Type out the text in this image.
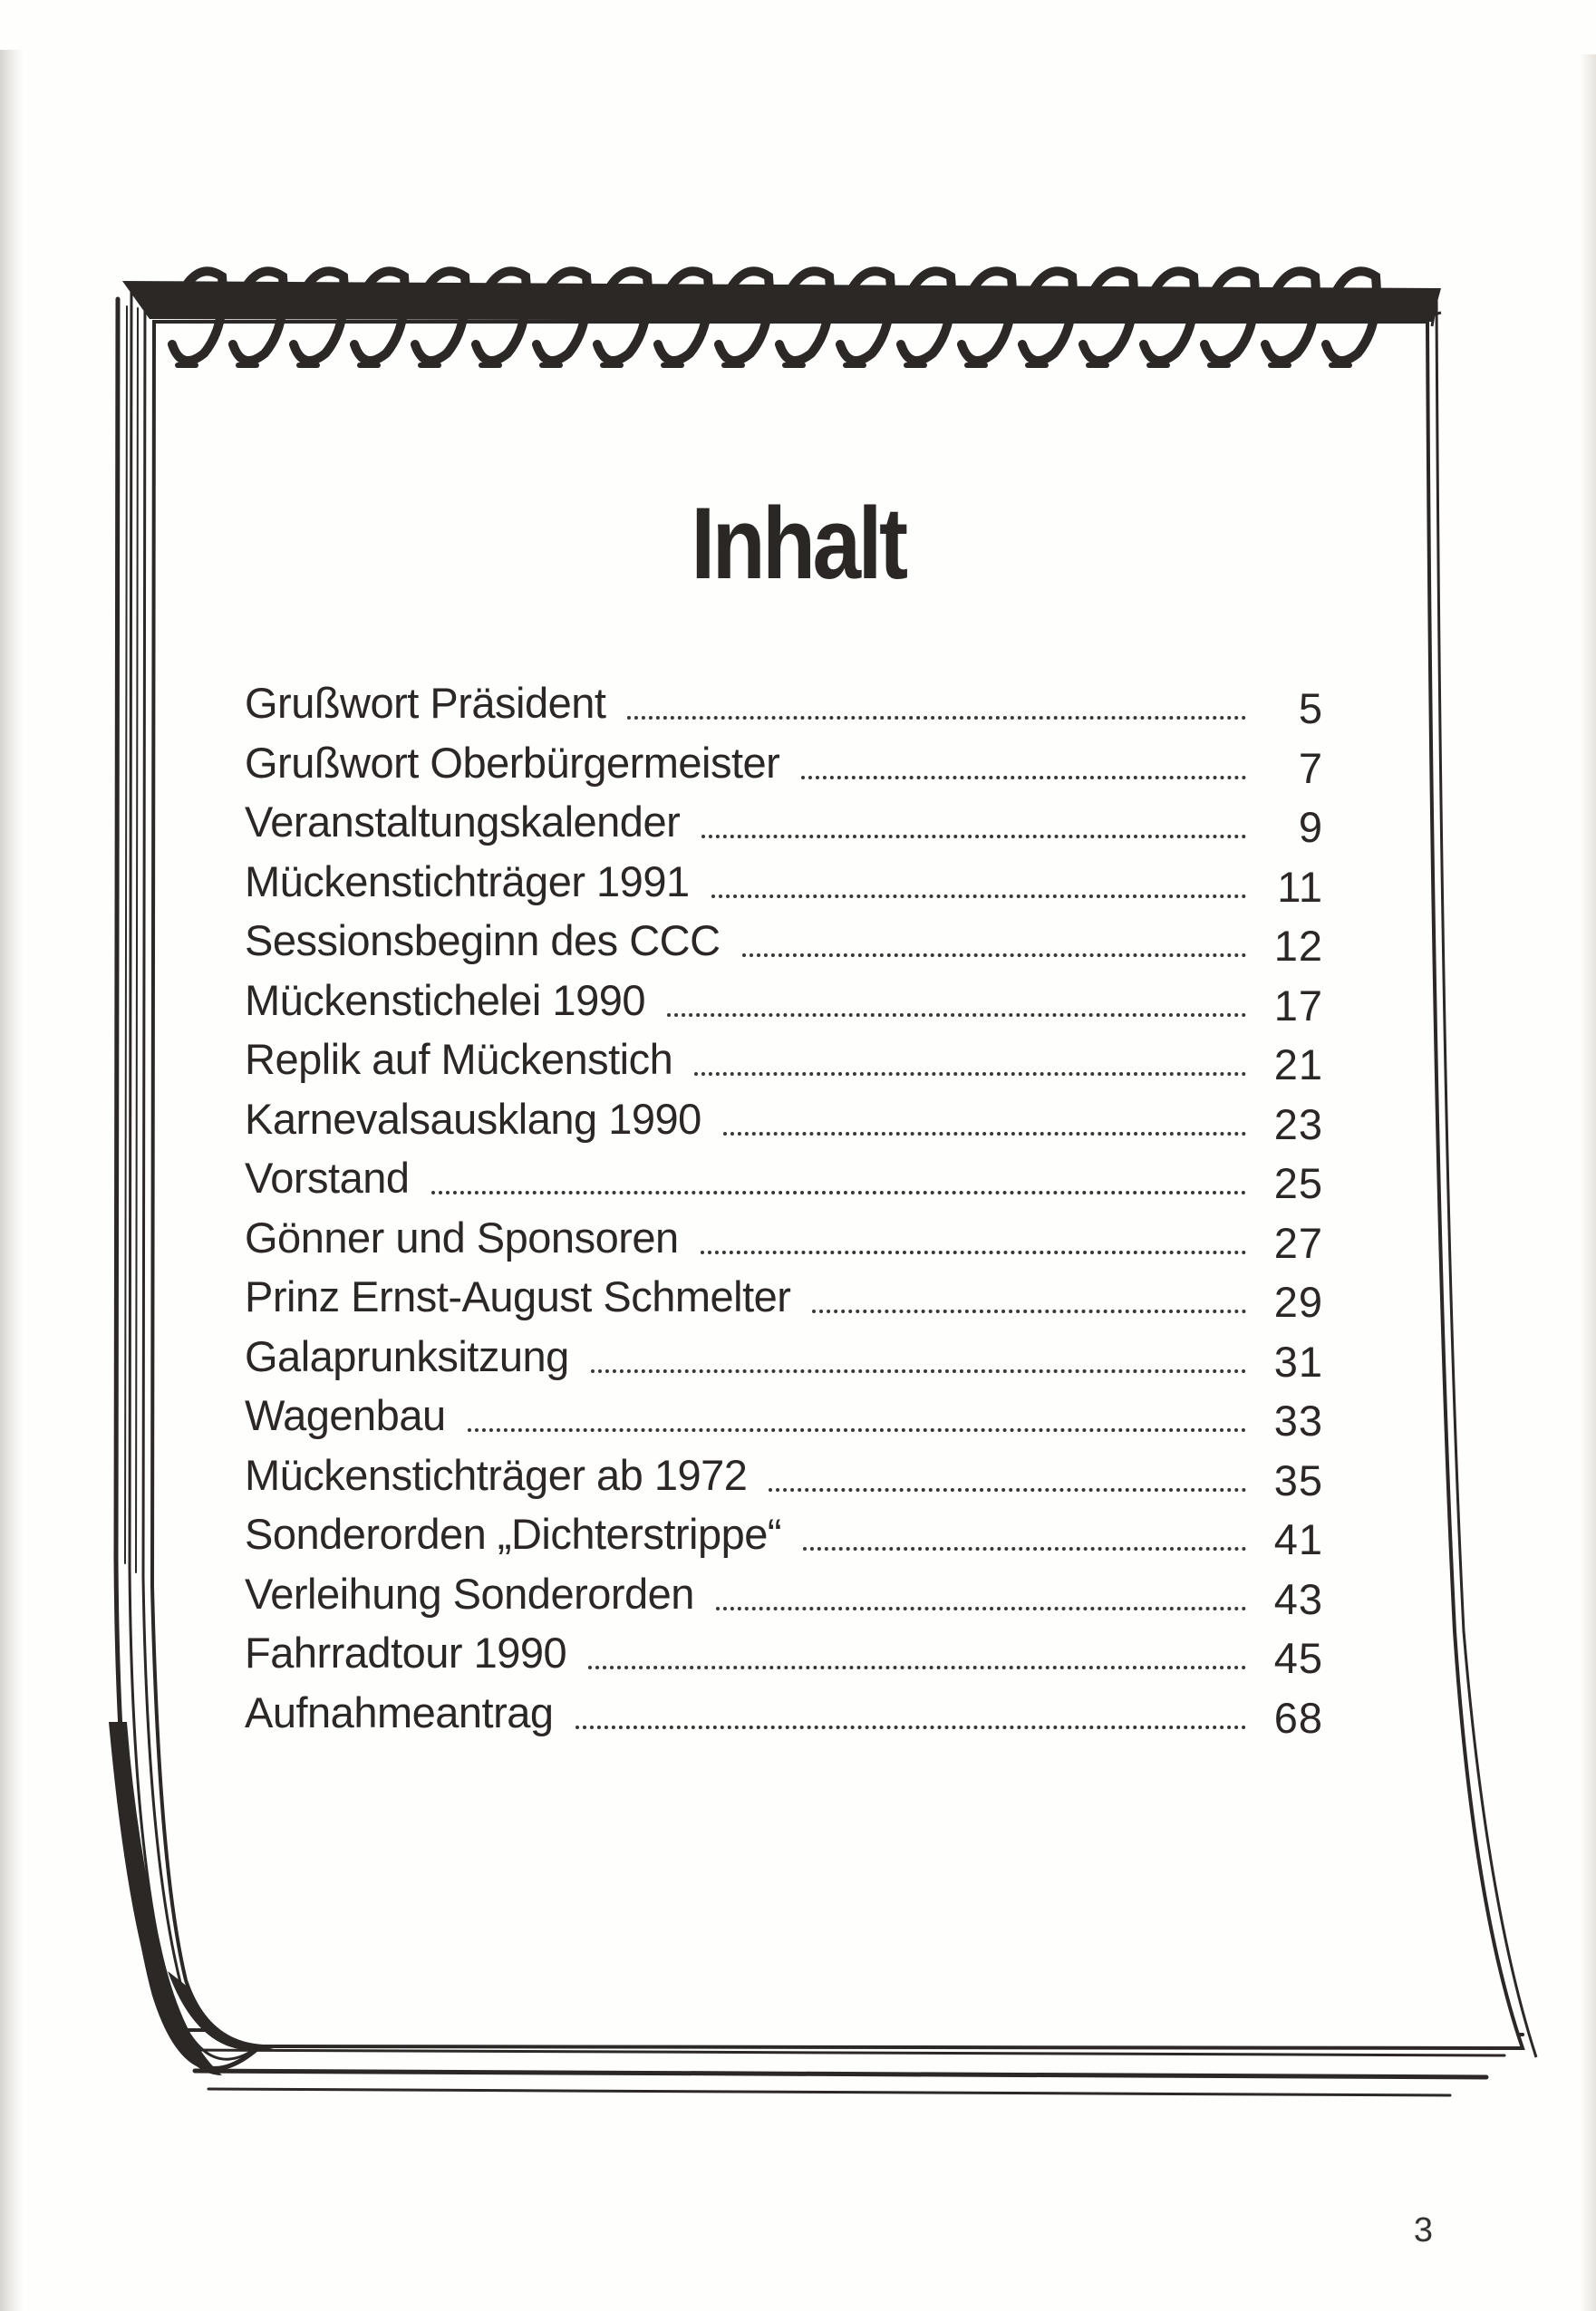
Inhalt
Grußwort Präsident	5
Grußwort Oberbürgermeister	7
Veranstaltungskalender	9
Mückenstichträger 1991	11
Sessionsbeginn des CCC	12
Mückenstichelei 1990	17
Replik auf Mückenstich	21
Karnevalsausklang 1990	23
Vorstand	25
Gönner und Sponsoren	27
Prinz Ernst-August Schmelter	29
Galaprunksitzung	31
Wagenbau	33
Mückenstichträger ab 1972	35
Sonderorden „Dichterstrippe“	41
Verleihung Sonderorden	43
Fahrradtour 1990	45
Aufnahmeantrag	68
3
